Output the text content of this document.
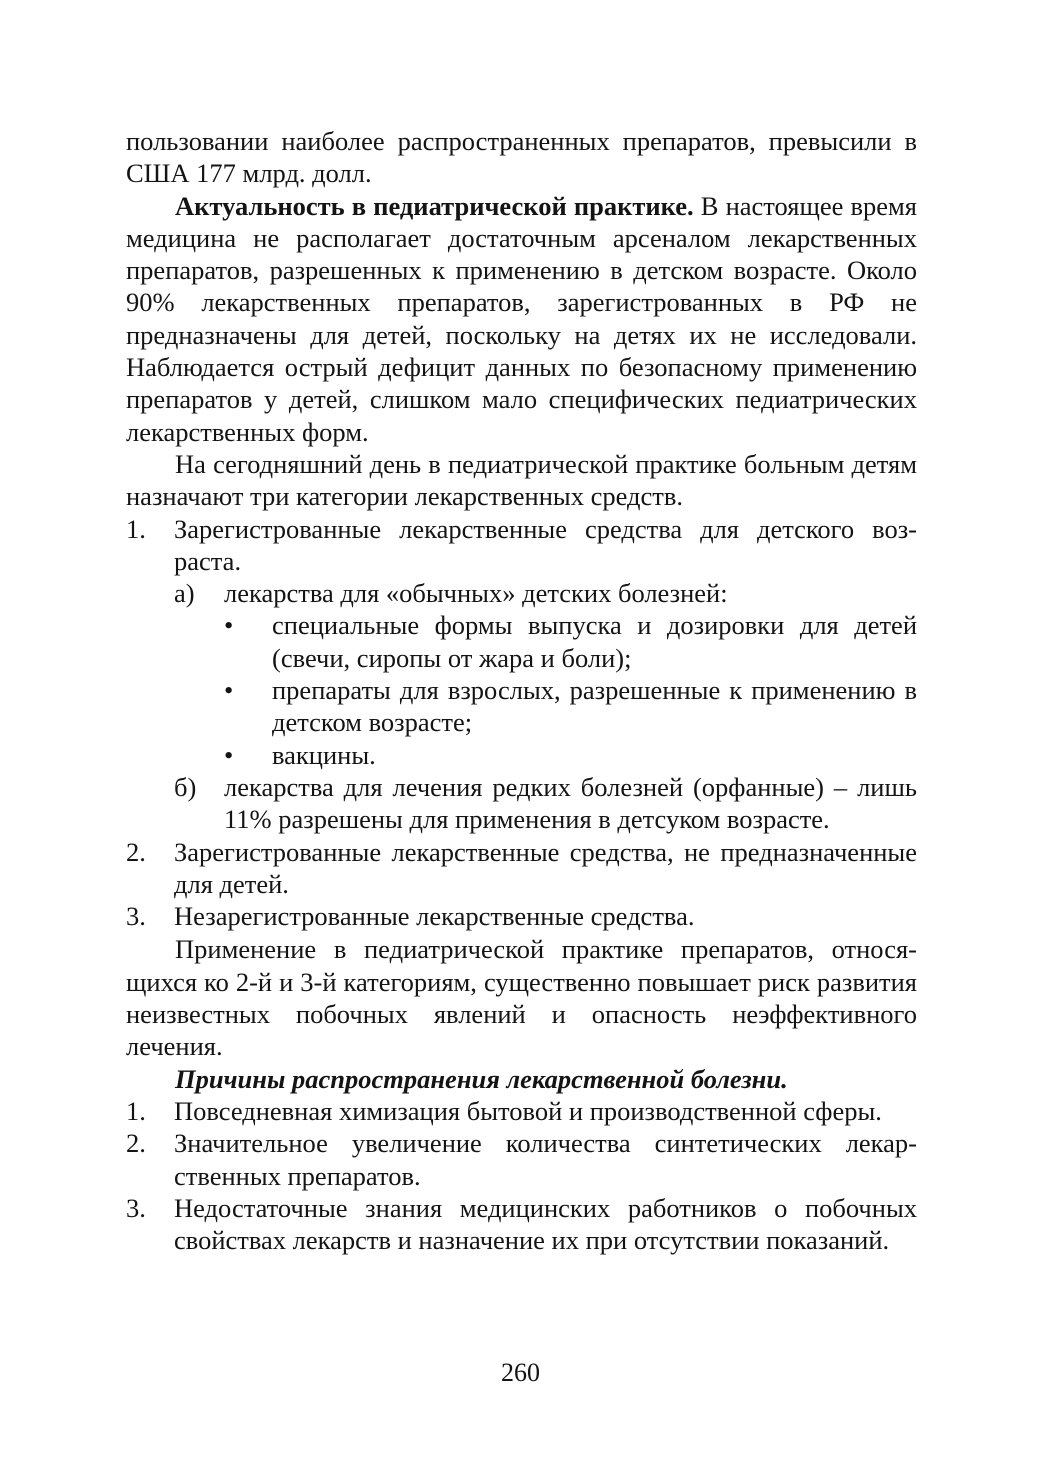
пользовании наиболее распространенных препаратов, превысили в США 177 млрд. долл.

Актуальность в педиатрической практике. В настоящее время медицина не располагает достаточным арсеналом лекарственных препаратов, разрешенных к применению в детском возрасте. Около 90% лекарственных препаратов, зарегистрованных в РФ не предназначены для детей, поскольку на детях их не исследовали. Наблюдается острый дефицит данных по безопасному применению препаратов у детей, слишком мало специфических педиатрических лекарственных форм.

На сегодняшний день в педиатрической практике больным детям назначают три категории лекарственных средств.

1. Зарегистрованные лекарственные средства для детского возраста.
а) лекарства для «обычных» детских болезней:
• специальные формы выпуска и дозировки для детей (свечи, сиропы от жара и боли);
• препараты для взрослых, разрешенные к применению в детском возрасте;
• вакцины.
б) лекарства для лечения редких болезней (орфанные) – лишь 11% разрешены для применения в детсуком возрасте.
2. Зарегистрованные лекарственные средства, не предназначенные для детей.
3. Незарегистрованные лекарственные средства.

Применение в педиатрической практике препаратов, относящихся ко 2-й и 3-й категориям, существенно повышает риск развития неизвестных побочных явлений и опасность неэффективного лечения.

Причины распространения лекарственной болезни.

1. Повседневная химизация бытовой и производственной сферы.
2. Значительное увеличение количества синтетических лекарственных препаратов.
3. Недостаточные знания медицинских работников о побочных свойствах лекарств и назначение их при отсутствии показаний.
260
